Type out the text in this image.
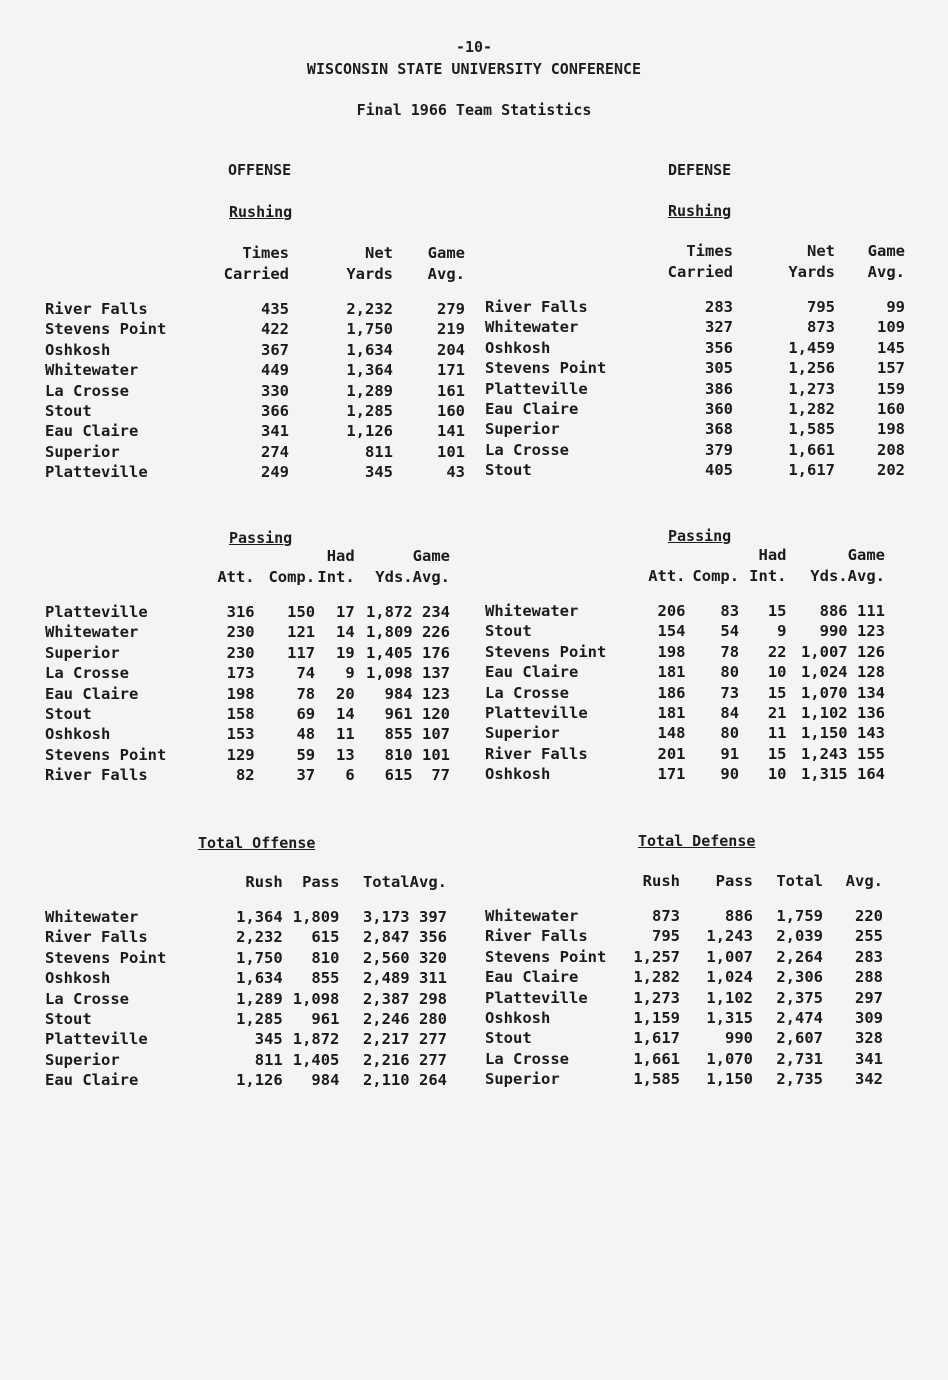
-10-
WISCONSIN STATE UNIVERSITY CONFERENCE
Final 1966 Team Statistics
OFFENSE	DEFENSE
Rushing	Rushing
	Times	Net	Game
	Carried	Yards	Avg.

River Falls	435	2,232	279
Stevens Point	422	1,750	219
Oshkosh	367	1,634	204
Whitewater	449	1,364	171
La Crosse	330	1,289	161
Stout	366	1,285	160
Eau Claire	341	1,126	141
Superior	274	811	101
Platteville	249	345	43
	Times	Net	Game
	Carried	Yards	Avg.

River Falls	283	795	99
Whitewater	327	873	109
Oshkosh	356	1,459	145
Stevens Point	305	1,256	157
Platteville	386	1,273	159
Eau Claire	360	1,282	160
Superior	368	1,585	198
La Crosse	379	1,661	208
Stout	405	1,617	202
Passing	Passing
			Had		Game
	Att.	Comp.	Int.	Yds.	Avg.

Platteville	316	150	17	1,872	234
Whitewater	230	121	14	1,809	226
Superior	230	117	19	1,405	176
La Crosse	173	74	9	1,098	137
Eau Claire	198	78	20	984	123
Stout	158	69	14	961	120
Oshkosh	153	48	11	855	107
Stevens Point	129	59	13	810	101
River Falls	82	37	6	615	77
			Had		Game
	Att.	Comp.	Int.	Yds.	Avg.

Whitewater	206	83	15	886	111
Stout	154	54	9	990	123
Stevens Point	198	78	22	1,007	126
Eau Claire	181	80	10	1,024	128
La Crosse	186	73	15	1,070	134
Platteville	181	84	21	1,102	136
Superior	148	80	11	1,150	143
River Falls	201	91	15	1,243	155
Oshkosh	171	90	10	1,315	164
Total Offense	Total Defense
	Rush	Pass	Total	Avg.

Whitewater	1,364	1,809	3,173	397
River Falls	2,232	615	2,847	356
Stevens Point	1,750	810	2,560	320
Oshkosh	1,634	855	2,489	311
La Crosse	1,289	1,098	2,387	298
Stout	1,285	961	2,246	280
Platteville	345	1,872	2,217	277
Superior	811	1,405	2,216	277
Eau Claire	1,126	984	2,110	264
	Rush	Pass	Total	Avg.

Whitewater	873	886	1,759	220
River Falls	795	1,243	2,039	255
Stevens Point	1,257	1,007	2,264	283
Eau Claire	1,282	1,024	2,306	288
Platteville	1,273	1,102	2,375	297
Oshkosh	1,159	1,315	2,474	309
Stout	1,617	990	2,607	328
La Crosse	1,661	1,070	2,731	341
Superior	1,585	1,150	2,735	342
